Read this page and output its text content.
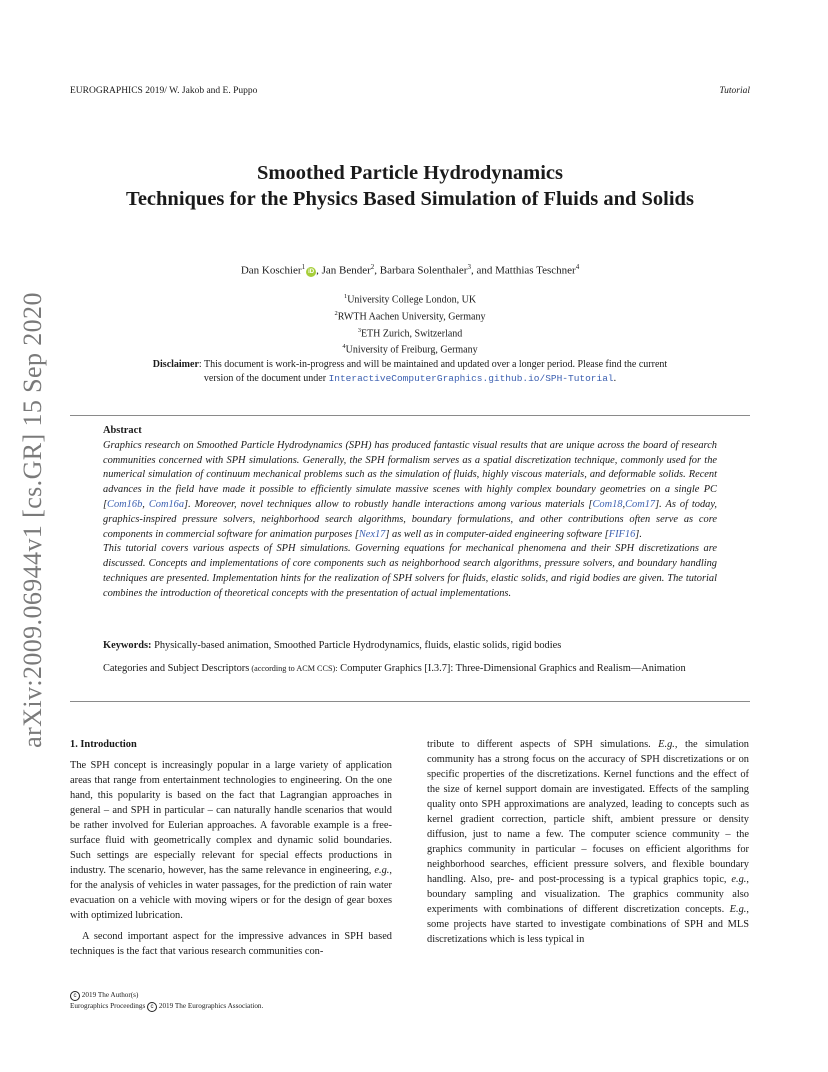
EUROGRAPHICS 2019/ W. Jakob and E. Puppo	Tutorial
arXiv:2009.06944v1 [cs.GR] 15 Sep 2020
Smoothed Particle Hydrodynamics
Techniques for the Physics Based Simulation of Fluids and Solids
Dan Koschier$^1$iD , Jan Bender$^2$, Barbara Solenthaler$^3$, and Matthias Teschner$^4$
$^1$University College London, UK
$^2$RWTH Aachen University, Germany
$^3$ETH Zurich, Switzerland
$^4$University of Freiburg, Germany
Disclaimer: This document is work-in-progress and will be maintained and updated over a longer period. Please find the current version of the document under InteractiveComputerGraphics.github.io/SPH-Tutorial.
Abstract

Graphics research on Smoothed Particle Hydrodynamics (SPH) has produced fantastic visual results that are unique across the board of research communities concerned with SPH simulations. Generally, the SPH formalism serves as a spatial discretization technique, commonly used for the numerical simulation of continuum mechanical problems such as the simulation of fluids, highly viscous materials, and deformable solids. Recent advances in the field have made it possible to efficiently simulate massive scenes with highly complex boundary geometries on a single PC [Com16b, Com16a]. Moreover, novel techniques allow to robustly handle interactions among various materials [Com18,Com17]. As of today, graphics-inspired pressure solvers, neighborhood search algorithms, boundary formulations, and other contributions often serve as core components in commercial software for animation purposes [Nex17] as well as in computer-aided engineering software [FIF16].

This tutorial covers various aspects of SPH simulations. Governing equations for mechanical phenomena and their SPH discretizations are discussed. Concepts and implementations of core components such as neighborhood search algorithms, pressure solvers, and boundary handling techniques are presented. Implementation hints for the realization of SPH solvers for fluids, elastic solids, and rigid bodies are given. The tutorial combines the introduction of theoretical concepts with the presentation of actual implementations.

Keywords: Physically-based animation, Smoothed Particle Hydrodynamics, fluids, elastic solids, rigid bodies
Categories and Subject Descriptors (according to ACM CCS): Computer Graphics [I.3.7]: Three-Dimensional Graphics and Realism—Animation
1. Introduction

The SPH concept is increasingly popular in a large variety of application areas that range from entertainment technologies to engineering. On the one hand, this popularity is based on the fact that Lagrangian approaches in general – and SPH in particular – can naturally handle scenarios that would be rather involved for Eulerian approaches. A favorable example is a free-surface fluid with geometrically complex and dynamic solid boundaries. Such settings are especially relevant for special effects productions in industry. The scenario, however, has the same relevance in engineering, e.g., for the analysis of vehicles in water passages, for the prediction of rain water evacuation on a vehicle with moving wipers or for the design of gear boxes with optimized lubrication.

A second important aspect for the impressive advances in SPH based techniques is the fact that various research communities con-

tribute to different aspects of SPH simulations. E.g., the simulation community has a strong focus on the accuracy of SPH discretizations or on specific properties of the discretizations. Kernel functions and the effect of the size of kernel support domain are investigated. Effects of the sampling quality onto SPH approximations are analyzed, leading to concepts such as kernel gradient correction, particle shift, ambient pressure or density diffusion, just to name a few. The computer science community – the graphics community in particular – focuses on efficient algorithms for neighborhood searches, efficient pressure solvers, and flexible boundary handling. Also, pre- and post-processing is a typical graphics topic, e.g., boundary sampling and visualization. The graphics community also experiments with combinations of different discretization concepts. E.g., some projects have started to investigate combinations of SPH and MLS discretizations which is less typical in

c 2019 The Author(s)
Eurographics Proceedings c 2019 The Eurographics Association.
